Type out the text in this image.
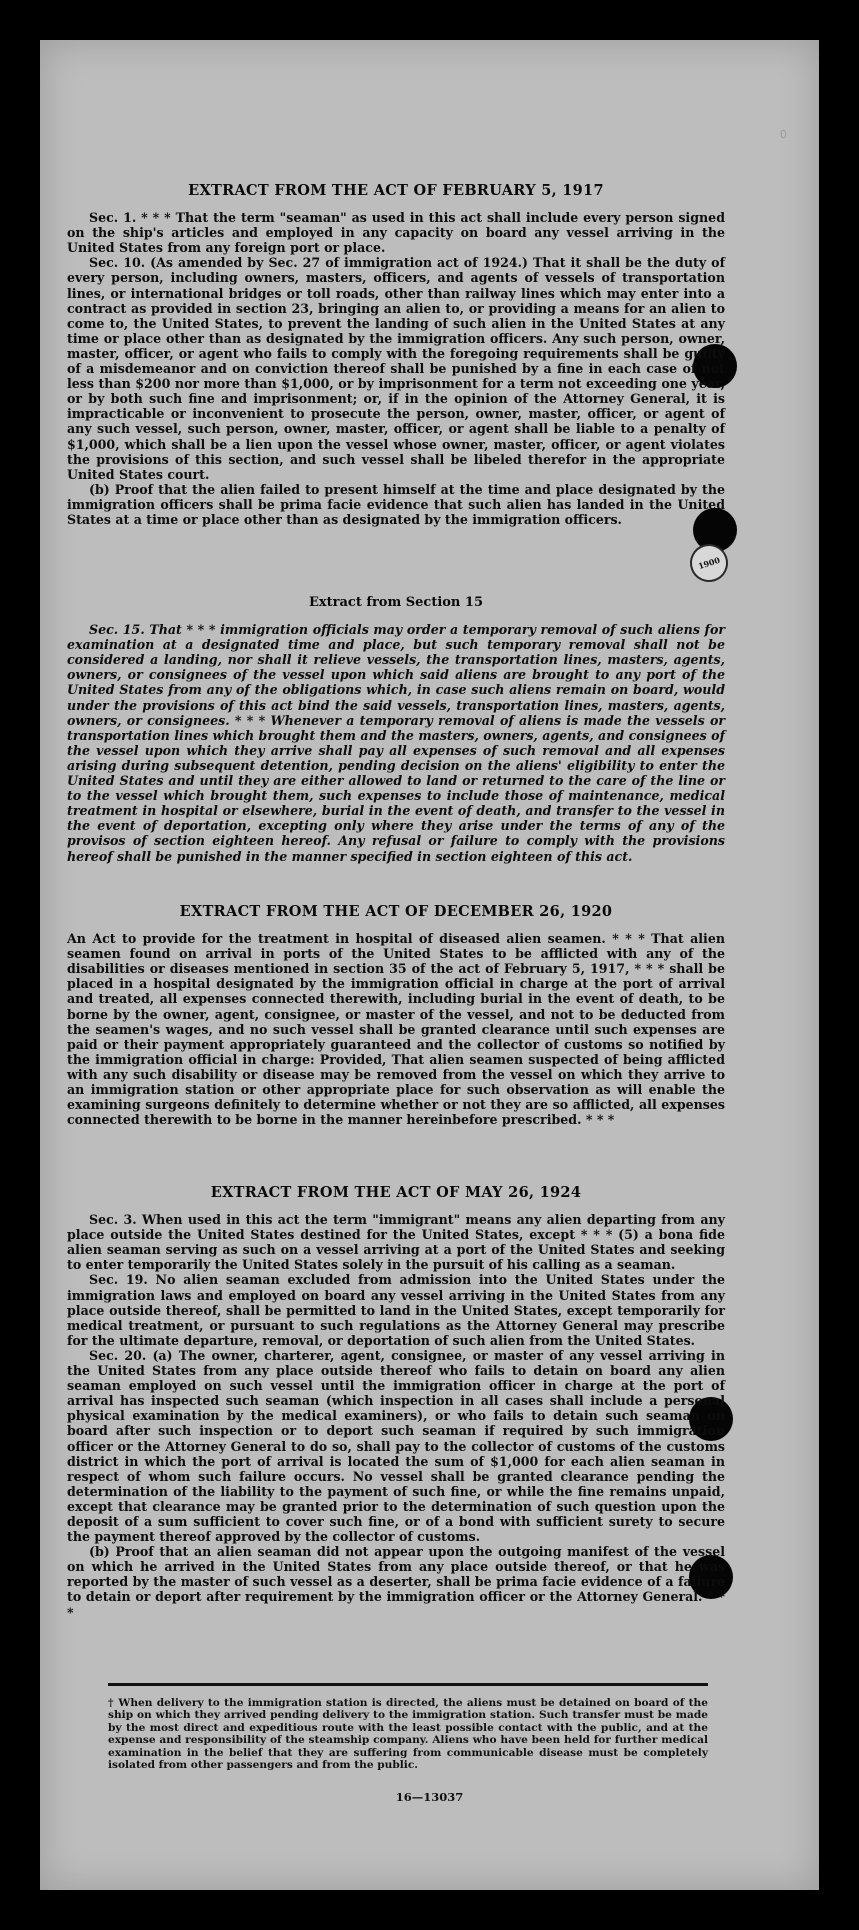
0
1900
EXTRACT FROM THE ACT OF FEBRUARY 5, 1917

Sec. 1. * * * That the term "seaman" as used in this act shall include every person signed on the ship's articles and employed in any capacity on board any vessel arriving in the United States from any foreign port or place.

Sec. 10. (As amended by Sec. 27 of immigration act of 1924.) That it shall be the duty of every person, including owners, masters, officers, and agents of vessels of transportation lines, or international bridges or toll roads, other than railway lines which may enter into a contract as provided in section 23, bringing an alien to, or providing a means for an alien to come to, the United States, to prevent the landing of such alien in the United States at any time or place other than as designated by the immigration officers. Any such person, owner, master, officer, or agent who fails to comply with the foregoing requirements shall be guilty of a misdemeanor and on conviction thereof shall be punished by a fine in each case of not less than $200 nor more than $1,000, or by imprisonment for a term not exceeding one year, or by both such fine and imprisonment; or, if in the opinion of the Attorney General, it is impracticable or inconvenient to prosecute the person, owner, master, officer, or agent of any such vessel, such person, owner, master, officer, or agent shall be liable to a penalty of $1,000, which shall be a lien upon the vessel whose owner, master, officer, or agent violates the provisions of this section, and such vessel shall be libeled therefor in the appropriate United States court.

(b) Proof that the alien failed to present himself at the time and place designated by the immigration officers shall be prima facie evidence that such alien has landed in the United States at a time or place other than as designated by the immigration officers.

Extract from Section 15

Sec. 15. That * * * immigration officials may order a temporary removal of such aliens for examination at a designated time and place, but such temporary removal shall not be considered a landing, nor shall it relieve vessels, the transportation lines, masters, agents, owners, or consignees of the vessel upon which said aliens are brought to any port of the United States from any of the obligations which, in case such aliens remain on board, would under the provisions of this act bind the said vessels, transportation lines, masters, agents, owners, or consignees. * * * Whenever a temporary removal of aliens is made the vessels or transportation lines which brought them and the masters, owners, agents, and consignees of the vessel upon which they arrive shall pay all expenses of such removal and all expenses arising during subsequent detention, pending decision on the aliens' eligibility to enter the United States and until they are either allowed to land or returned to the care of the line or to the vessel which brought them, such expenses to include those of maintenance, medical treatment in hospital or elsewhere, burial in the event of death, and transfer to the vessel in the event of deportation, excepting only where they arise under the terms of any of the provisos of section eighteen hereof. Any refusal or failure to comply with the provisions hereof shall be punished in the manner specified in section eighteen of this act.

EXTRACT FROM THE ACT OF DECEMBER 26, 1920

An Act to provide for the treatment in hospital of diseased alien seamen. * * * That alien seamen found on arrival in ports of the United States to be afflicted with any of the disabilities or diseases mentioned in section 35 of the act of February 5, 1917, * * * shall be placed in a hospital designated by the immigration official in charge at the port of arrival and treated, all expenses connected therewith, including burial in the event of death, to be borne by the owner, agent, consignee, or master of the vessel, and not to be deducted from the seamen's wages, and no such vessel shall be granted clearance until such expenses are paid or their payment appropriately guaranteed and the collector of customs so notified by the immigration official in charge: Provided, That alien seamen suspected of being afflicted with any such disability or disease may be removed from the vessel on which they arrive to an immigration station or other appropriate place for such observation as will enable the examining surgeons definitely to determine whether or not they are so afflicted, all expenses connected therewith to be borne in the manner hereinbefore prescribed. * * *

EXTRACT FROM THE ACT OF MAY 26, 1924

Sec. 3. When used in this act the term "immigrant" means any alien departing from any place outside the United States destined for the United States, except * * * (5) a bona fide alien seaman serving as such on a vessel arriving at a port of the United States and seeking to enter temporarily the United States solely in the pursuit of his calling as a seaman.

Sec. 19. No alien seaman excluded from admission into the United States under the immigration laws and employed on board any vessel arriving in the United States from any place outside thereof, shall be permitted to land in the United States, except temporarily for medical treatment, or pursuant to such regulations as the Attorney General may prescribe for the ultimate departure, removal, or deportation of such alien from the United States.

Sec. 20. (a) The owner, charterer, agent, consignee, or master of any vessel arriving in the United States from any place outside thereof who fails to detain on board any alien seaman employed on such vessel until the immigration officer in charge at the port of arrival has inspected such seaman (which inspection in all cases shall include a personal physical examination by the medical examiners), or who fails to detain such seaman on board after such inspection or to deport such seaman if required by such immigration officer or the Attorney General to do so, shall pay to the collector of customs of the customs district in which the port of arrival is located the sum of $1,000 for each alien seaman in respect of whom such failure occurs. No vessel shall be granted clearance pending the determination of the liability to the payment of such fine, or while the fine remains unpaid, except that clearance may be granted prior to the determination of such question upon the deposit of a sum sufficient to cover such fine, or of a bond with sufficient surety to secure the payment thereof approved by the collector of customs.

(b) Proof that an alien seaman did not appear upon the outgoing manifest of the vessel on which he arrived in the United States from any place outside thereof, or that he was reported by the master of such vessel as a deserter, shall be prima facie evidence of a failure to detain or deport after requirement by the immigration officer or the Attorney General. * * *

† When delivery to the immigration station is directed, the aliens must be detained on board of the ship on which they arrived pending delivery to the immigration station. Such transfer must be made by the most direct and expeditious route with the least possible contact with the public, and at the expense and responsibility of the steamship company. Aliens who have been held for further medical examination in the belief that they are suffering from communicable disease must be completely isolated from other passengers and from the public.
16—13037
